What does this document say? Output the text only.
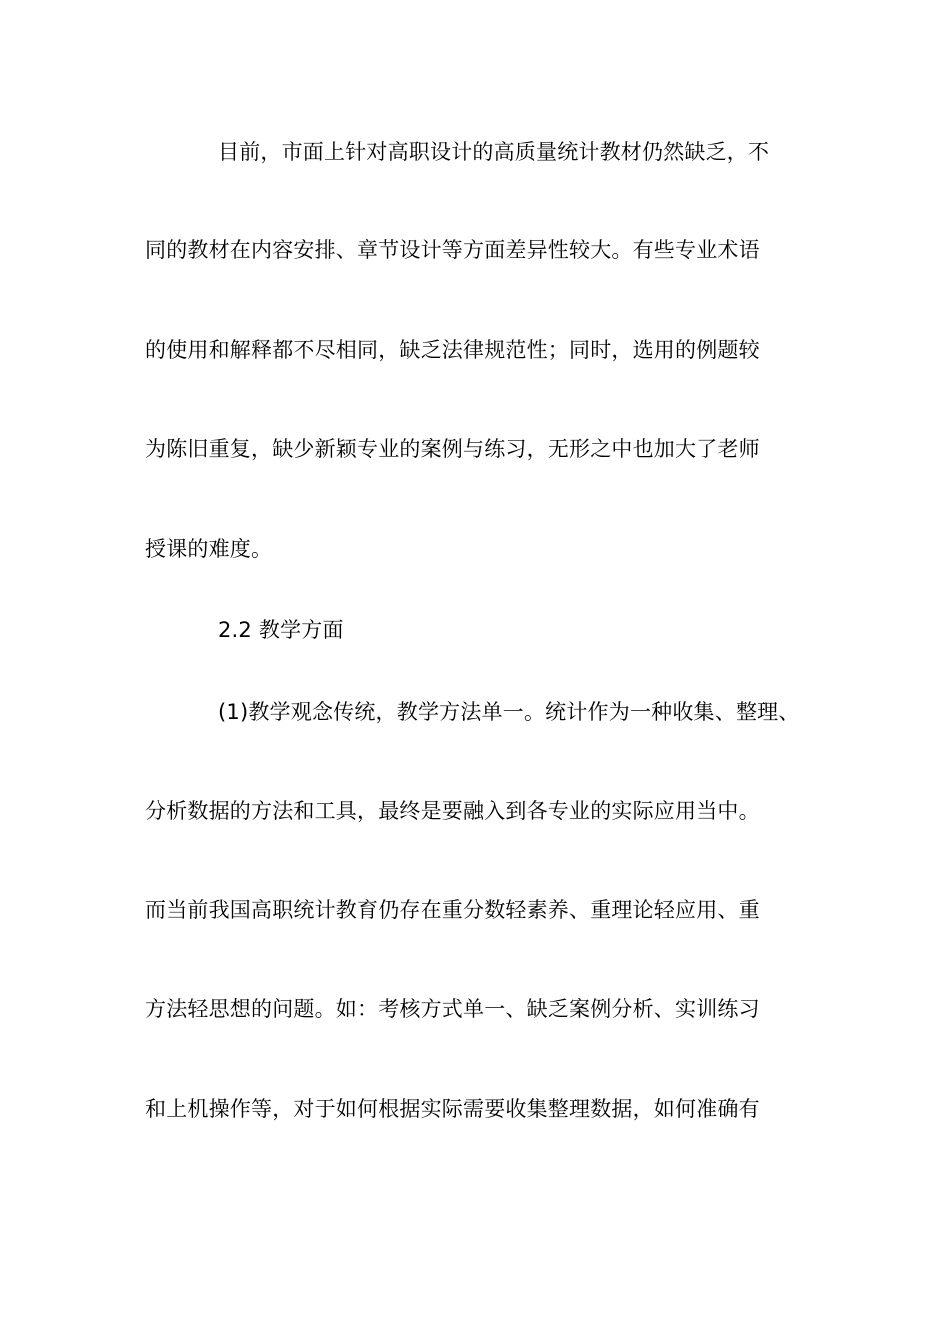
目前，市面上针对高职设计的高质量统计教材仍然缺乏，不
同的教材在内容安排、章节设计等方面差异性较大。有些专业术语
的使用和解释都不尽相同，缺乏法律规范性；同时，选用的例题较
为陈旧重复，缺少新颖专业的案例与练习，无形之中也加大了老师
授课的难度。
2.2 教学方面
(1)教学观念传统，教学方法单一。统计作为一种收集、整理、
分析数据的方法和工具，最终是要融入到各专业的实际应用当中。
而当前我国高职统计教育仍存在重分数轻素养、重理论轻应用、重
方法轻思想的问题。如：考核方式单一、缺乏案例分析、实训练习
和上机操作等，对于如何根据实际需要收集整理数据，如何准确有
